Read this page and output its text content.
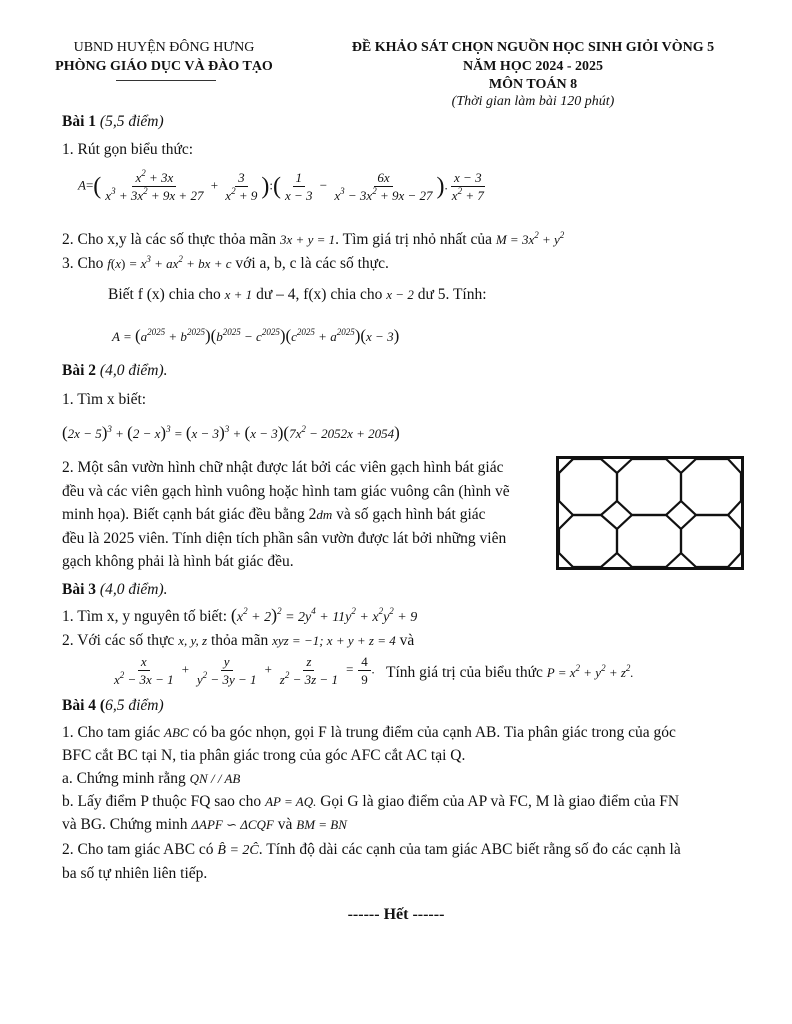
UBND HUYỆN ĐÔNG HƯNG
PHÒNG GIÁO DỤC VÀ ĐÀO TẠO
ĐỀ KHẢO SÁT CHỌN NGUỒN HỌC SINH GIỎI VÒNG 5
NĂM HỌC 2024 - 2025
MÔN TOÁN 8
(Thời gian làm bài 120 phút)
Bài 1 (5,5 điểm)
1. Rút gọn biểu thức:
$A=( \frac{x^2 + 3x}{x^3 + 3x^2 + 9x + 27} + \frac{3}{x^2 + 9}$ ):( $\frac{1}{x - 3} - \frac{6x}{x^3 - 3x^2 + 9x - 27}$ ). $\frac{x - 3}{x^2 + 7}$
2. Cho x,y là các số thực thỏa mãn 3x + y = 1. Tìm giá trị nhỏ nhất của $M = 3x^2 + y^2$
3. Cho $f(x) = x^3 + ax^2$ + bx + c với a, b, c là các số thực.
Biết f (x) chia cho x + 1 dư – 4, f(x) chia cho x − 2 dư 5. Tính:
$A = (a^{2025} + b^{2025})(b^{2025} - c^{2025})(c^{2025} + a^{2025})(x - 3)$
Bài 2 (4,0 điểm).
1. Tìm x biết:
$(2x - 5)^3 + (2 - x)^3 = (x - 3)^3 + (x - 3)(7x^2 - 2052x + 2054)$
2. Một sân vườn hình chữ nhật được lát bởi các viên gạch hình bát giác
đều và các viên gạch hình vuông hoặc hình tam giác vuông cân (hình vẽ
minh họa). Biết cạnh bát giác đều bằng 2dm và số gạch hình bát giác
đều là 2025 viên. Tính diện tích phần sân vườn được lát bởi những viên
gạch không phải là hình bát giác đều.
Bài 3 (4,0 điểm).
1. Tìm x, y nguyên tố biết: $(x^2 + 2)^2 = 2y^4 + 11y^2 + x^2y^2 + 9$
2. Với các số thực x, y, z thỏa mãn xyz = −1; x + y + z = 4 và
$\frac{x}{x^2 - 3x - 1} + \frac{y}{y^2 - 3y - 1} + \frac{z}{z^2 - 3z - 1} = \frac{4}{9}$ . Tính giá trị của biểu thức $P = x^2 + y^2 + z^2$.
Bài 4 (6,5 điểm)
1. Cho tam giác ABC có ba góc nhọn, gọi F là trung điểm của cạnh AB. Tia phân giác trong của góc
BFC cắt BC tại N, tia phân giác trong của góc AFC cắt AC tại Q.
a. Chứng minh rằng QN / / AB
b. Lấy điểm P thuộc FQ sao cho AP = AQ. Gọi G là giao điểm của AP và FC, M là giao điểm của FN
và BG. Chứng minh ΔAPF ∽ ΔCQF và BM = BN
2. Cho tam giác ABC có B̂ = 2Ĉ. Tính độ dài các cạnh của tam giác ABC biết rằng số đo các cạnh là
ba số tự nhiên liên tiếp.
------ Hết ------
